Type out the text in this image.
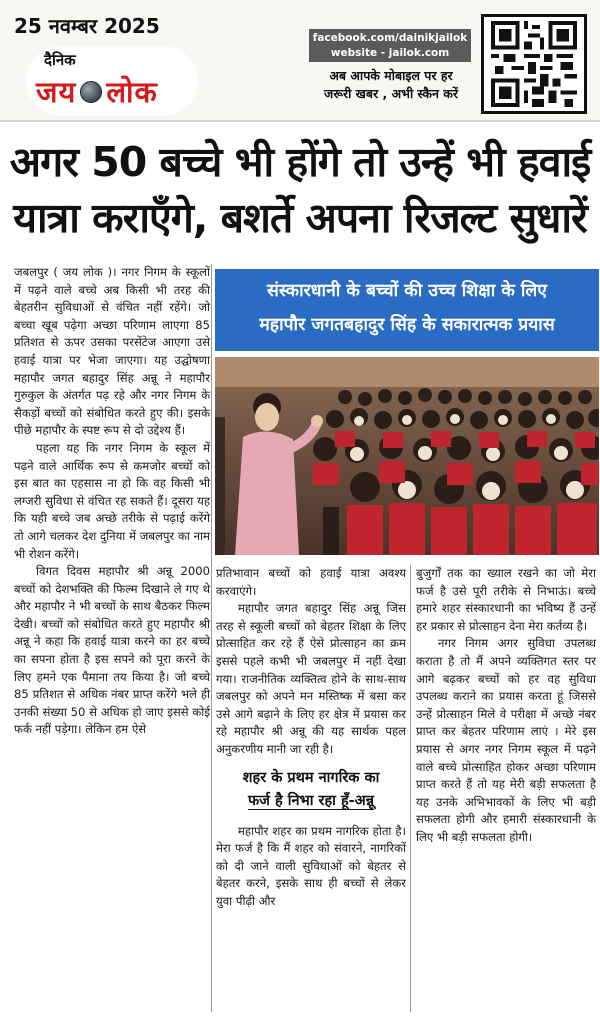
25 नवम्बर 2025
दैनिक
जय लोक
facebook.com/dainikjailok
website - jailok.com
अब आपके मोबाइल पर हर
जरूरी खबर , अभी स्कैन करें
अगर 50 बच्चे भी होंगे तो उन्हें भी हवाई
यात्रा कराएँगे, बशर्ते अपना रिजल्ट सुधारें

जबलपुर ( जय लोक )। नगर निगम के स्कूलों में पढ़ने वाले बच्चे अब किसी भी तरह की बेहतरीन सुविधाओं से वंचित नहीं रहेंगे। जो बच्चा खूब पढ़ेगा अच्छा परिणाम लाएगा 85 प्रतिशत से ऊपर उसका परसेंटेज आएगा उसे हवाई यात्रा पर भेजा जाएगा। यह उद्घोषणा महापौर जगत बहादुर सिंह अन्नू ने महापौर गुरुकुल के अंतर्गत पढ़ रहे और नगर निगम के सैकड़ों बच्चों को संबोधित करते हुए की। इसके पीछे महापौर के स्पष्ट रूप से दो उद्देश्य हैं।

पहला यह कि नगर निगम के स्कूल में पढ़ने वाले आर्थिक रूप से कमजोर बच्चों को इस बात का एहसास ना हो कि वह किसी भी लग्जरी सुविधा से वंचित रह सकते हैं। दूसरा यह कि यही बच्चे जब अच्छे तरीके से पढ़ाई करेंगे तो आगे चलकर देश दुनिया में जबलपुर का नाम भी रोशन करेंगे।

विगत दिवस महापौर श्री अन्नू 2000 बच्चों को देशभक्ति की फिल्म दिखाने ले गए थे और महापौर ने भी बच्चों के साथ बैठकर फिल्म देखी। बच्चों को संबोधित करते हुए महापौर श्री अन्नू ने कहा कि हवाई यात्रा करने का हर बच्चे का सपना होता है इस सपने को पूरा करने के लिए हमने एक पैमाना तय किया है। जो बच्चे 85 प्रतिशत से अधिक नंबर प्राप्त करेंगे भले ही उनकी संख्या 50 से अधिक हो जाए इससे कोई फर्क नहीं पड़ेगा। लेकिन हम ऐसे

संस्कारधानी के बच्चों की उच्च शिक्षा के लिए
महापौर जगतबहादुर सिंह के सकारात्मक प्रयास

प्रतिभावान बच्चों को हवाई यात्रा अवश्य करवाएंगे।

महापौर जगत बहादुर सिंह अन्नू जिस तरह से स्कूली बच्चों को बेहतर शिक्षा के लिए प्रोत्साहित कर रहे हैं ऐसे प्रोत्साहन का क्रम इससे पहले कभी भी जबलपुर में नहीं देखा गया। राजनीतिक व्यक्तित्व होने के साथ-साथ जबलपुर को अपने मन मस्तिष्क में बसा कर उसे आगे बढ़ाने के लिए हर क्षेत्र में प्रयास कर रहे महापौर श्री अन्नू की यह सार्थक पहल अनुकरणीय मानी जा रही है।

शहर के प्रथम नागरिक का
फर्ज है निभा रहा हूँ-अन्नू

महापौर शहर का प्रथम नागरिक होता है। मेरा फर्ज है कि मैं शहर को संवारने, नागरिकों को दी जाने वाली सुविधाओं को बेहतर से बेहतर करने, इसके साथ ही बच्चों से लेकर युवा पीढ़ी और

बुजुर्गों तक का ख्याल रखने का जो मेरा फर्ज है उसे पूरी तरीके से निभाऊं। बच्चे हमारे शहर संस्कारधानी का भविष्य हैं उन्हें हर प्रकार से प्रोत्साहन देना मेरा कर्तव्य है।

नगर निगम अगर सुविधा उपलब्ध कराता है तो मैं अपने व्यक्तिगत स्तर पर आगे बढ़कर बच्चों को हर वह सुविधा उपलब्ध कराने का प्रयास करता हूं जिससे उन्हें प्रोत्साहन मिले वे परीक्षा में अच्छे नंबर प्राप्त कर बेहतर परिणाम लाएं । मेरे इस प्रयास से अगर नगर निगम स्कूल में पढ़ने वाले बच्चे प्रोत्साहित होकर अच्छा परिणाम प्राप्त करते हैं तो यह मेरी बड़ी सफलता है यह उनके अभिभावकों के लिए भी बड़ी सफलता होगी और हमारी संस्कारधानी के लिए भी बड़ी सफलता होगी।
